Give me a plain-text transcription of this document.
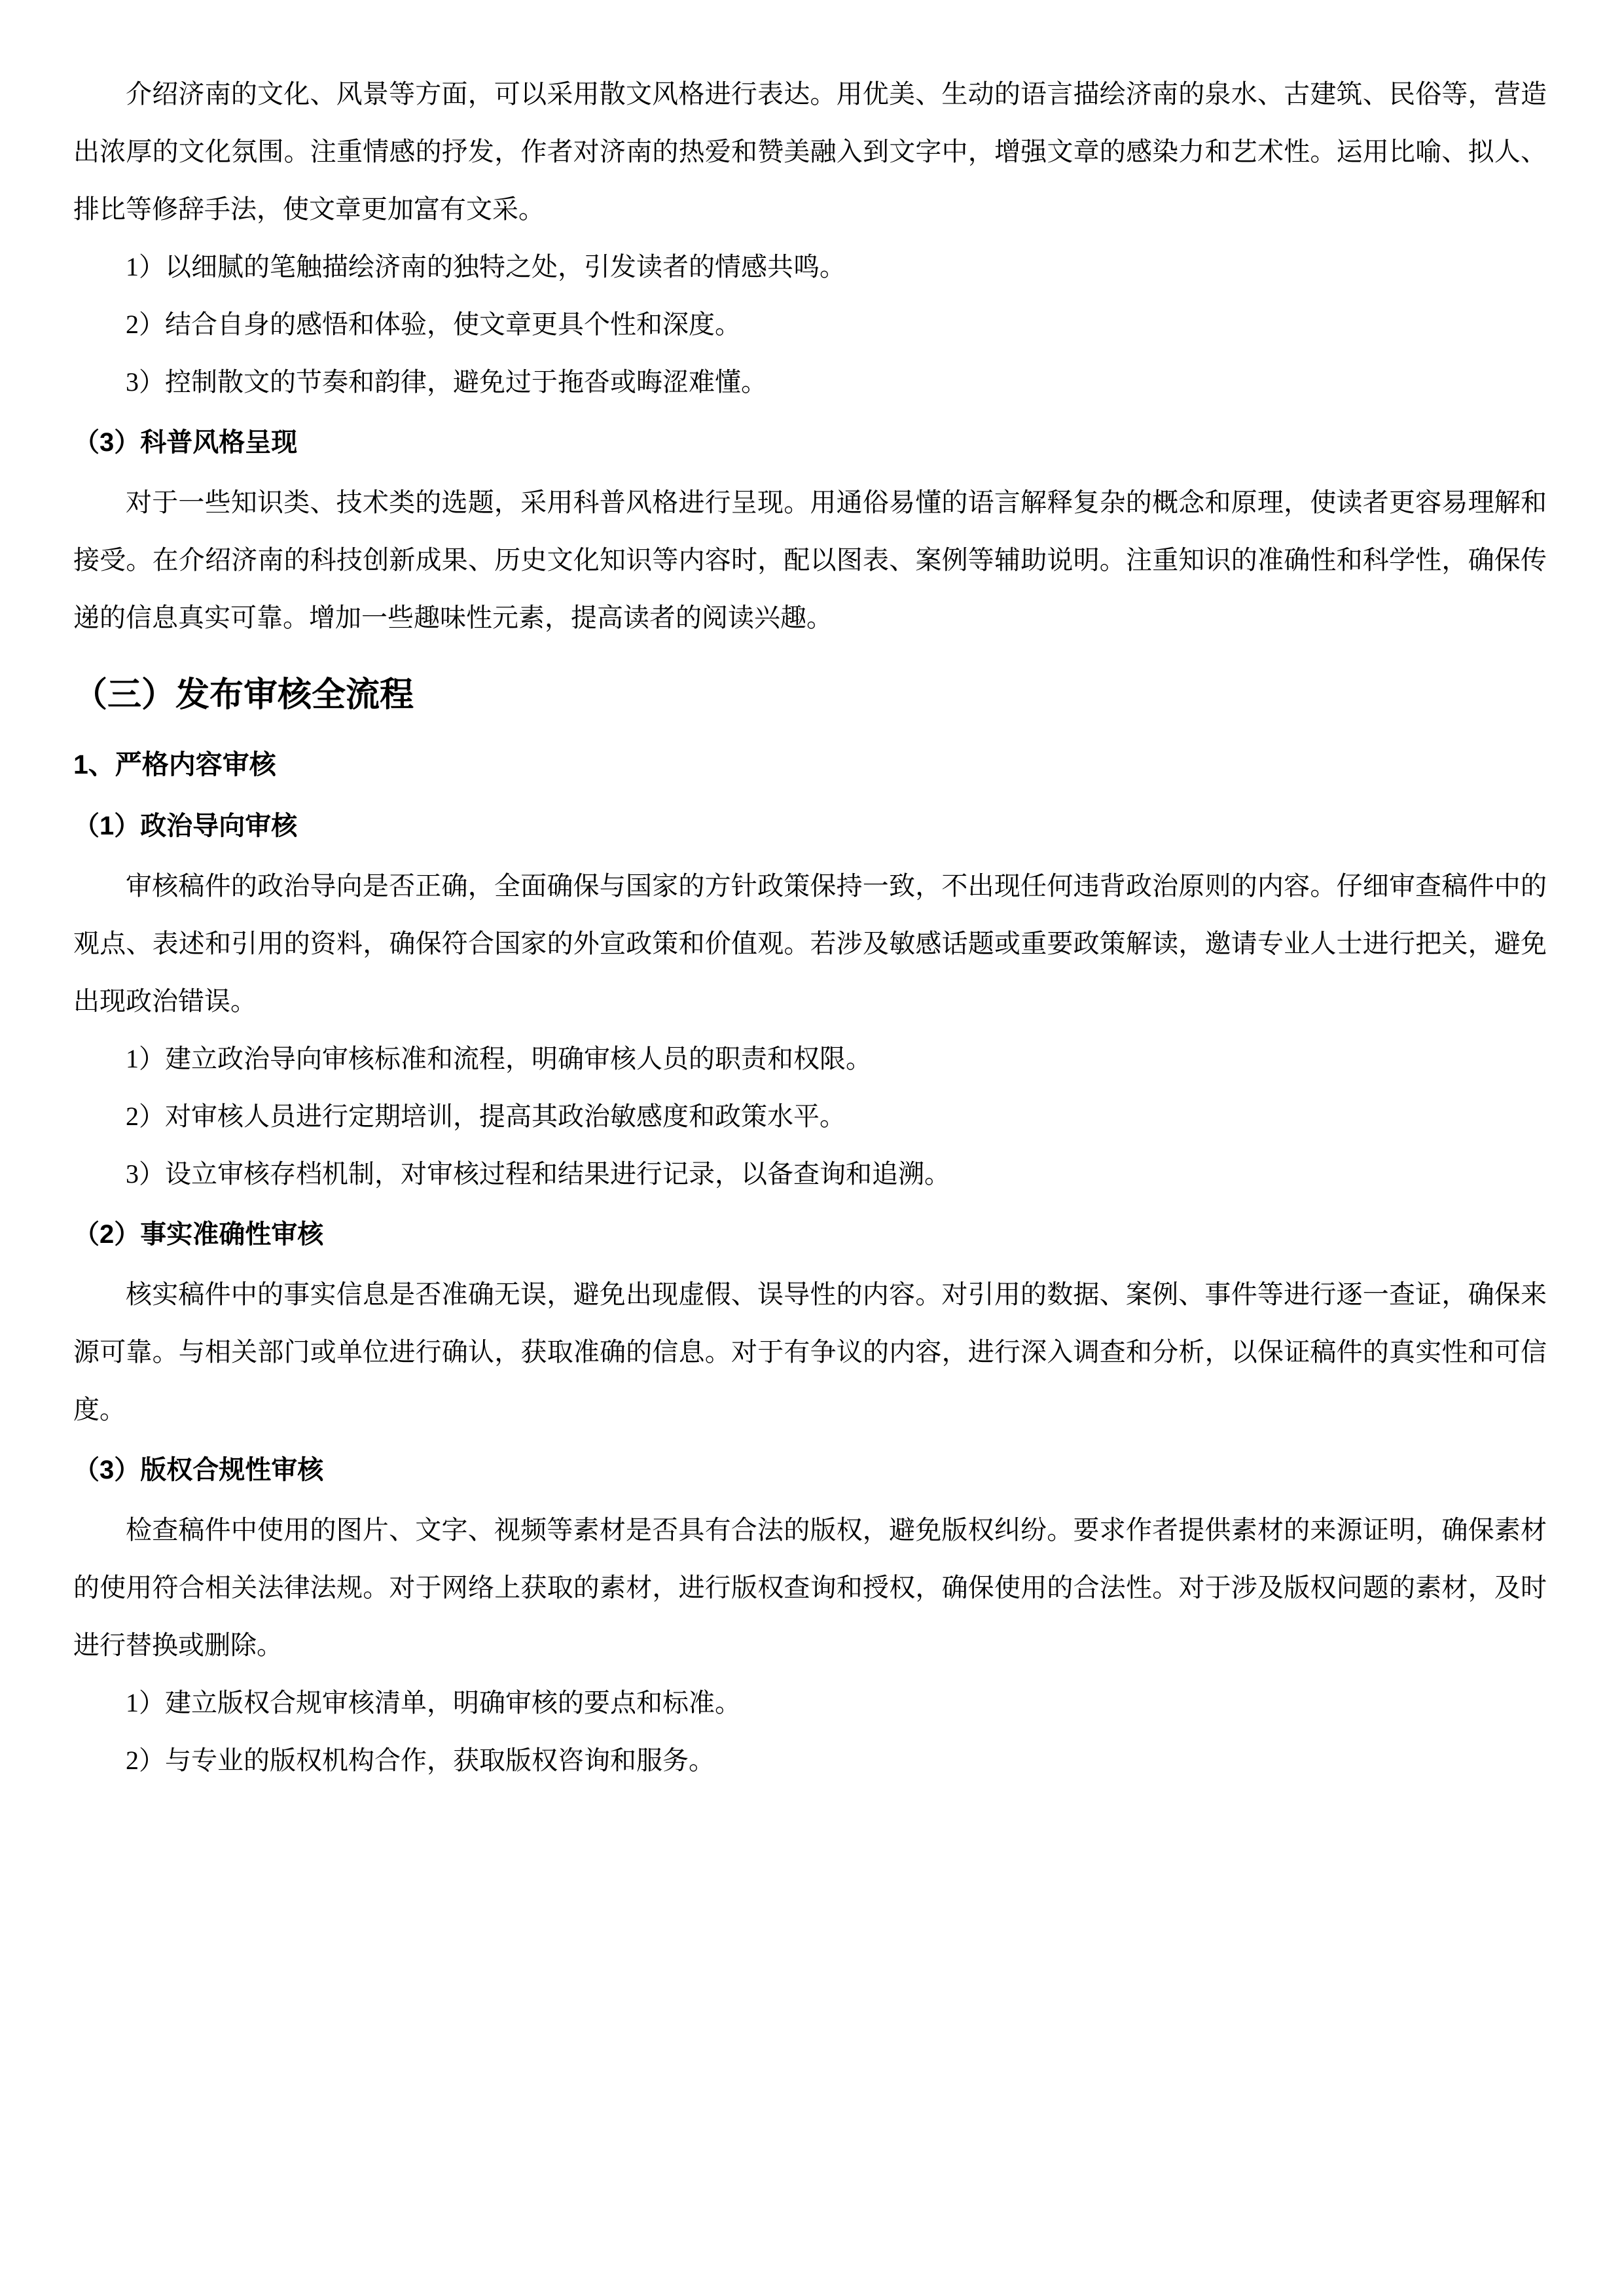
介绍济南的文化、风景等方面，可以采用散文风格进行表达。用优美、生动的语言描绘济南的泉水、古建筑、民俗等，营造出浓厚的文化氛围。注重情感的抒发，作者对济南的热爱和赞美融入到文字中，增强文章的感染力和艺术性。运用比喻、拟人、排比等修辞手法，使文章更加富有文采。

1）以细腻的笔触描绘济南的独特之处，引发读者的情感共鸣。

2）结合自身的感悟和体验，使文章更具个性和深度。

3）控制散文的节奏和韵律，避免过于拖沓或晦涩难懂。

（3）科普风格呈现

对于一些知识类、技术类的选题，采用科普风格进行呈现。用通俗易懂的语言解释复杂的概念和原理，使读者更容易理解和接受。在介绍济南的科技创新成果、历史文化知识等内容时，配以图表、案例等辅助说明。注重知识的准确性和科学性，确保传递的信息真实可靠。增加一些趣味性元素，提高读者的阅读兴趣。

（三）发布审核全流程
1、严格内容审核
（1）政治导向审核

审核稿件的政治导向是否正确，全面确保与国家的方针政策保持一致，不出现任何违背政治原则的内容。仔细审查稿件中的观点、表述和引用的资料，确保符合国家的外宣政策和价值观。若涉及敏感话题或重要政策解读，邀请专业人士进行把关，避免出现政治错误。

1）建立政治导向审核标准和流程，明确审核人员的职责和权限。

2）对审核人员进行定期培训，提高其政治敏感度和政策水平。

3）设立审核存档机制，对审核过程和结果进行记录，以备查询和追溯。

（2）事实准确性审核

核实稿件中的事实信息是否准确无误，避免出现虚假、误导性的内容。对引用的数据、案例、事件等进行逐一查证，确保来源可靠。与相关部门或单位进行确认，获取准确的信息。对于有争议的内容，进行深入调查和分析，以保证稿件的真实性和可信度。

（3）版权合规性审核

检查稿件中使用的图片、文字、视频等素材是否具有合法的版权，避免版权纠纷。要求作者提供素材的来源证明，确保素材的使用符合相关法律法规。对于网络上获取的素材，进行版权查询和授权，确保使用的合法性。对于涉及版权问题的素材，及时进行替换或删除。

1）建立版权合规审核清单，明确审核的要点和标准。

2）与专业的版权机构合作，获取版权咨询和服务。
